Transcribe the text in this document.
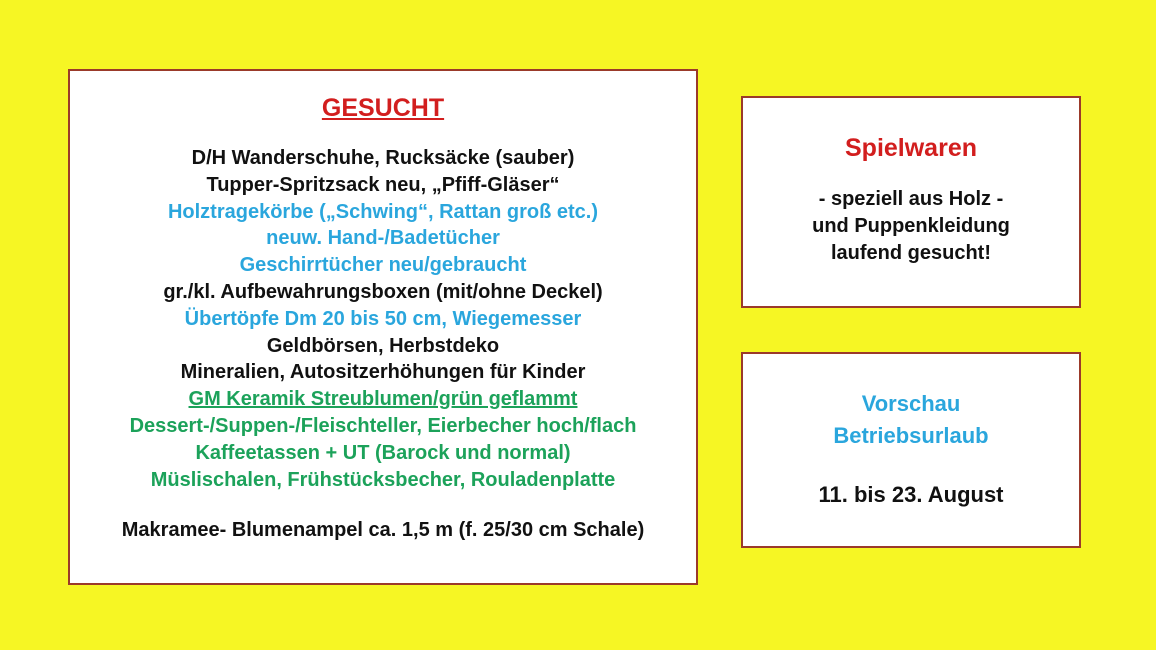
GESUCHT
D/H Wanderschuhe, Rucksäcke (sauber)
Tupper-Spritzsack neu, „Pfiff-Gläser“
Holztragekörbe („Schwing“, Rattan groß etc.)
neuw. Hand-/Badetücher
Geschirrtücher neu/gebraucht
gr./kl. Aufbewahrungsboxen (mit/ohne Deckel)
Übertöpfe Dm 20 bis 50 cm, Wiegemesser
Geldbörsen, Herbstdeko
Mineralien, Autositzerhöhungen für Kinder
GM Keramik Streublumen/grün geflammt
Dessert-/Suppen-/Fleischteller, Eierbecher hoch/flach
Kaffeetassen + UT (Barock und normal)
Müslischalen, Frühstücksbecher, Rouladenplatte
Makramee- Blumenampel ca. 1,5 m (f. 25/30 cm Schale)
Spielwaren
- speziell aus Holz -
und Puppenkleidung
laufend gesucht!
Vorschau
Betriebsurlaub
11. bis 23. August
